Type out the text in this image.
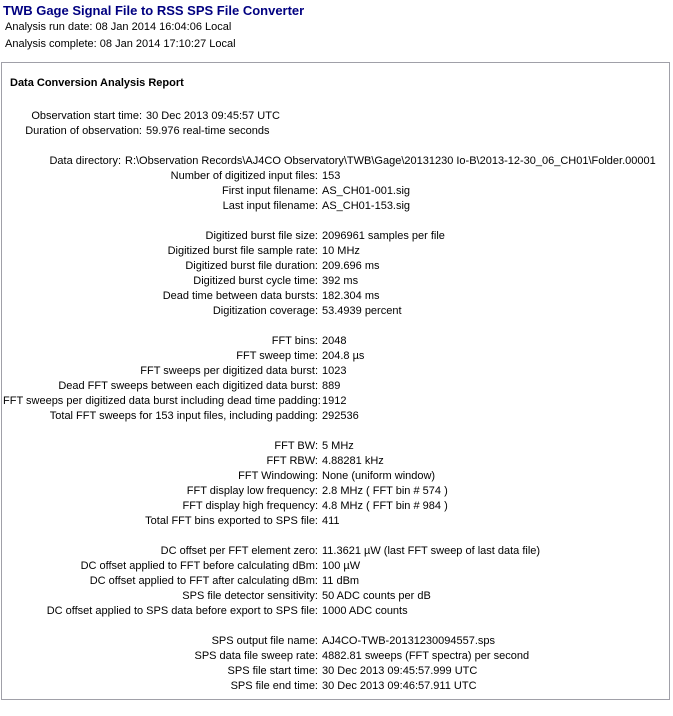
TWB Gage Signal File to RSS SPS File Converter
Analysis run date : 08 Jan 2014 16:04:06 Local
Analysis complete : 08 Jan 2014 17:10:27 Local
Data Conversion Analysis Report
Observation start time: 30 Dec 2013 09:45:57 UTC
Duration of observation: 59.976 real-time seconds
Data directory: R:\Observation Records\AJ4CO Observatory\TWB\Gage\20131230 Io-B\2013-12-30_06_CH01\Folder.00001
Number of digitized input files: 153
First input filename: AS_CH01-001.sig
Last input filename: AS_CH01-153.sig
Digitized burst file size: 2096961 samples per file
Digitized burst file sample rate: 10 MHz
Digitized burst file duration: 209.696 ms
Digitized burst cycle time: 392 ms
Dead time between data bursts: 182.304 ms
Digitization coverage: 53.4939 percent
FFT bins: 2048
FFT sweep time: 204.8 µs
FFT sweeps per digitized data burst: 1023
Dead FFT sweeps between each digitized data burst: 889
FFT sweeps per digitized data burst including dead time padding: 1912
Total FFT sweeps for 153 input files, including padding: 292536
FFT BW: 5 MHz
FFT RBW: 4.88281 kHz
FFT Windowing: None (uniform window)
FFT display low frequency: 2.8 MHz ( FFT bin # 574 )
FFT display high frequency: 4.8 MHz ( FFT bin # 984 )
Total FFT bins exported to SPS file: 411
DC offset per FFT element zero: 11.3621 µW (last FFT sweep of last data file)
DC offset applied to FFT before calculating dBm: 100 µW
DC offset applied to FFT after calculating dBm: 11 dBm
SPS file detector sensitivity: 50 ADC counts per dB
DC offset applied to SPS data before export to SPS file: 1000 ADC counts
SPS output file name: AJ4CO-TWB-20131230094557.sps
SPS data file sweep rate: 4882.81 sweeps (FFT spectra) per second
SPS file start time: 30 Dec 2013 09:45:57.999 UTC
SPS file end time: 30 Dec 2013 09:46:57.911 UTC
